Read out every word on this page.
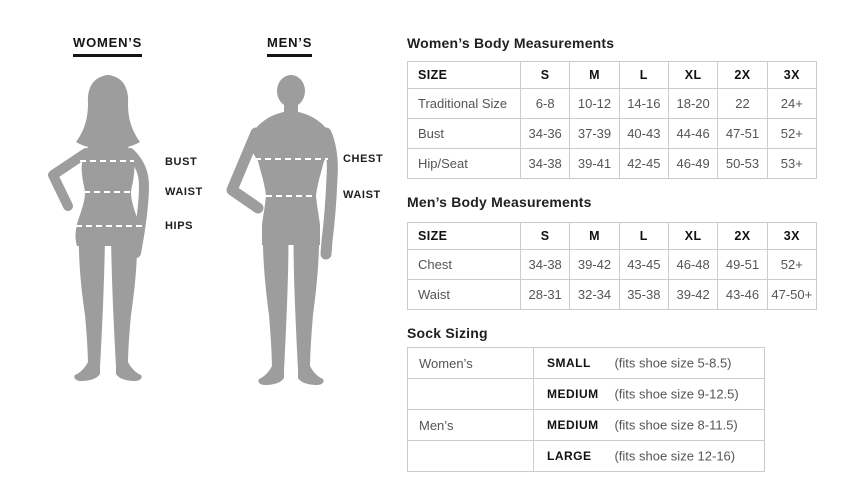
WOMEN’S	MEN’S
BUST
WAIST
HIPS
CHEST
WAIST
Women’s Body Measurements
SIZE	S	M	L	XL	2X	3X
Traditional Size	6-8	10-12	14-16	18-20	22	24+
Bust	34-36	37-39	40-43	44-46	47-51	52+
Hip/Seat	34-38	39-41	42-45	46-49	50-53	53+
Men’s Body Measurements
SIZE	S	M	L	XL	2X	3X
Chest	34-38	39-42	43-45	46-48	49-51	52+
Waist	28-31	32-34	35-38	39-42	43-46	47-50+
Sock Sizing
Women’s	SMALL (fits shoe size 5-8.5)
	MEDIUM (fits shoe size 9-12.5)
Men’s	MEDIUM (fits shoe size 8-11.5)
	LARGE (fits shoe size 12-16)
